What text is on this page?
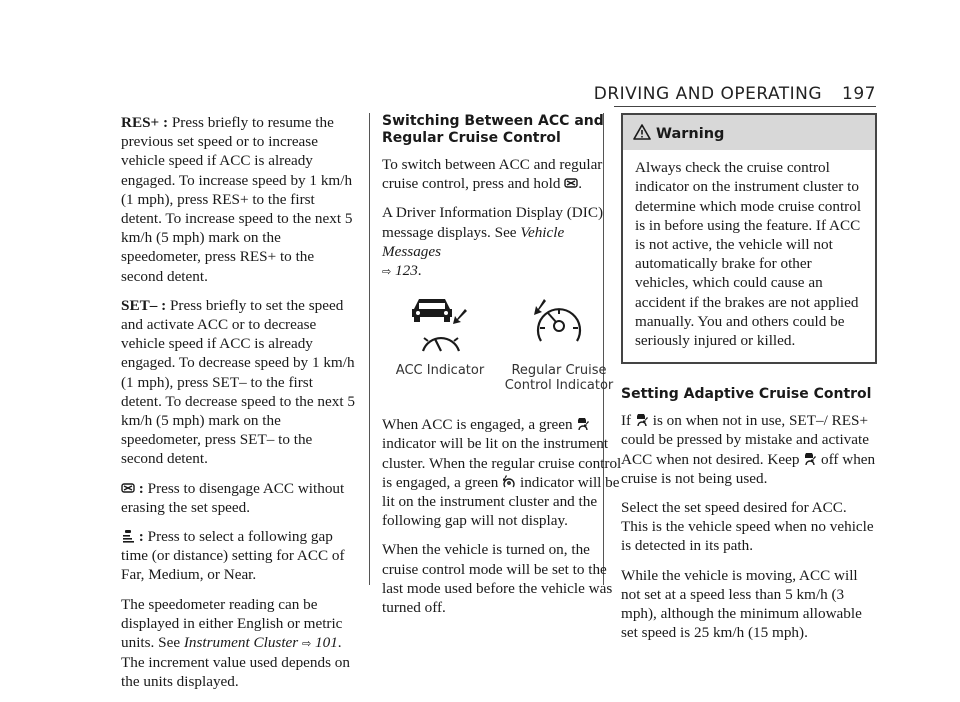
DRIVING AND OPERATING 197

RES+ : Press briefly to resume the previous set speed or to increase vehicle speed if ACC is already engaged. To increase speed by 1 km/h (1 mph), press RES+ to the first detent. To increase speed to the next 5 km/h (5 mph) mark on the speedometer, press RES+ to the second detent.

SET– : Press briefly to set the speed and activate ACC or to decrease vehicle speed if ACC is already engaged. To decrease speed by 1 km/h (1 mph), press SET– to the first detent. To decrease speed to the next 5 km/h (5 mph) mark on the speedometer, press SET– to the second detent.

: Press to disengage ACC without erasing the set speed.

: Press to select a following gap time (or distance) setting for ACC of Far, Medium, or Near.

The speedometer reading can be displayed in either English or metric units. See Instrument Cluster ⇨ 101. The increment value used depends on the units displayed.

Switching Between ACC and Regular Cruise Control

To switch between ACC and regular cruise control, press and hold
.

A Driver Information Display (DIC) message displays. See Vehicle Messages
⇨ 123.

ACC Indicator	Regular Cruise Control Indicator

When ACC is engaged, a green
indicator will be lit on the instrument cluster. When the regular cruise control is engaged, a green
indicator will be lit on the instrument cluster and the following gap will not display.

When the vehicle is turned on, the cruise control mode will be set to the last mode used before the vehicle was turned off.

Warning
Always check the cruise control indicator on the instrument cluster to determine which mode cruise control is in before using the feature. If ACC is not active, the vehicle will not automatically brake for other vehicles, which could cause an accident if the brakes are not applied manually. You and others could be seriously injured or killed.
Setting Adaptive Cruise Control

If
is on when not in use, SET–/ RES+ could be pressed by mistake and activate ACC when not desired. Keep
off when cruise is not being used.

Select the set speed desired for ACC. This is the vehicle speed when no vehicle is detected in its path.

While the vehicle is moving, ACC will not set at a speed less than 5 km/h (3 mph), although the minimum allowable set speed is 25 km/h (15 mph).
